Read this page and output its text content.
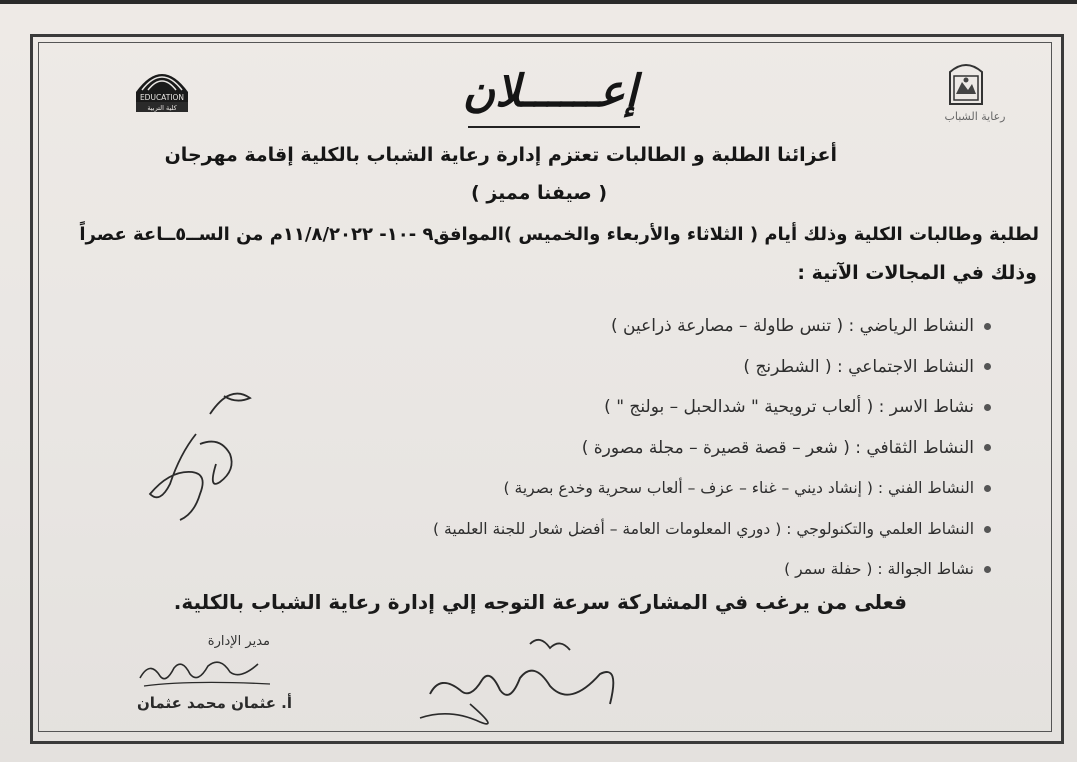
EDUCATION
كلية التربية
رعاية الشباب
إعــــــلان
أعزائنا الطلبة و الطالبات تعتزم إدارة رعاية الشباب بالكلية إقامة مهرجان
( صيفنا مميز )
لطلبة وطالبات الكلية وذلك أيام ( الثلاثاء والأربعاء والخميس )الموافق٩ -١٠- ١١/٨/٢٠٢٢م من الســ٥ــاعة عصراً
وذلك في المجالات الآتية :
النشاط الرياضي : ( تنس طاولة – مصارعة ذراعين )
النشاط الاجتماعي : ( الشطرنج )
نشاط الاسر : ( ألعاب ترويحية " شدالحبل – بولنج " )
النشاط الثقافي : ( شعر – قصة قصيرة – مجلة مصورة )
النشاط الفني : ( إنشاد ديني – غناء – عزف – ألعاب سحرية وخدع بصرية )
النشاط العلمي والتكنولوجي : ( دوري المعلومات العامة – أفضل شعار للجنة العلمية )
نشاط الجوالة : ( حفلة سمر )
فعلى من يرغب في المشاركة سرعة التوجه إلي إدارة رعاية الشباب بالكلية.
مدير الإدارة
أ. عثمان محمد عثمان
